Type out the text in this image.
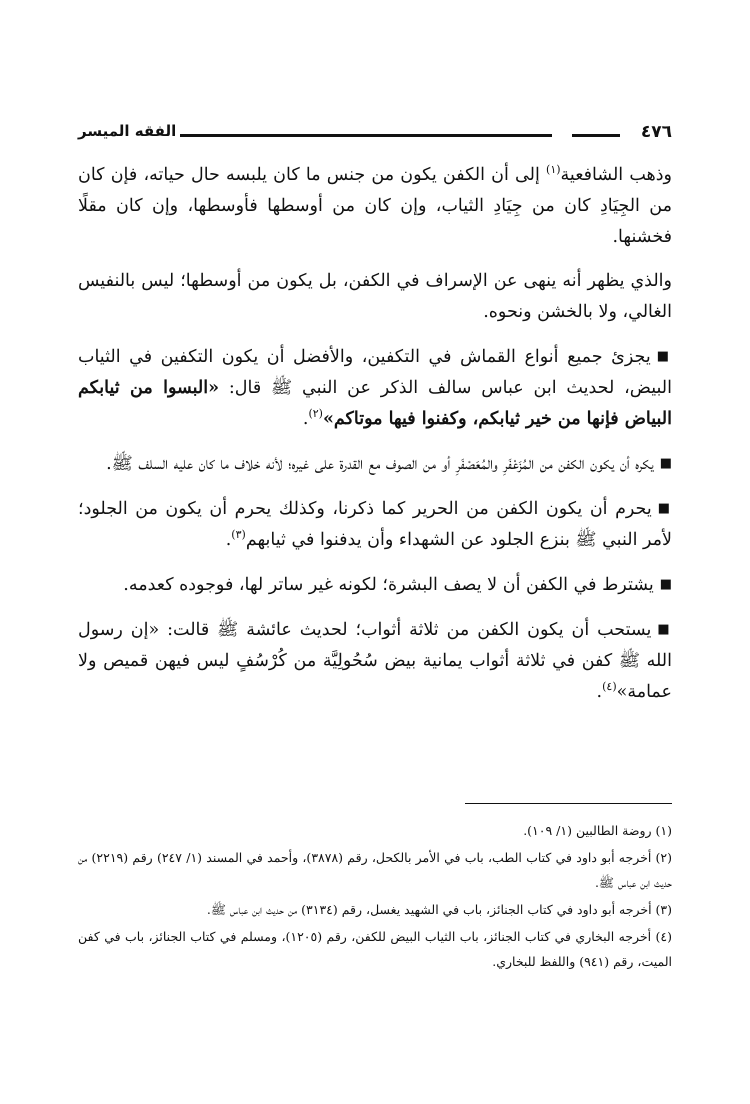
٤٧٦
الفقه الميسر

وذهب الشافعية$^{(١)}$ إلى أن الكفن يكون من جنس ما كان يلبسه حال حياته، فإن كان من الجِيَادِ كان من جِيَادِ الثياب، وإن كان من أوسطها فأوسطها، وإن كان مقلًا فخشنها.

والذي يظهر أنه ينهى عن الإسراف في الكفن، بل يكون من أوسطها؛ ليس بالنفيس الغالي، ولا بالخشن ونحوه.

■يجزئ جميع أنواع القماش في التكفين، والأفضل أن يكون التكفين في الثياب البيض، لحديث ابن عباس سالف الذكر عن النبي ﷺ قال: «البسوا من ثيابكم البياض فإنها من خير ثيابكم، وكفنوا فيها موتاكم»$^{(٢)}$.

■يكره أن يكون الكفن من المُزَعْفَرِ والمُعَصْفَرِ أو من الصوف مع القدرة على غيره؛ لأنه خلاف ما كان عليه السلف ﷺ.

■يحرم أن يكون الكفن من الحرير كما ذكرنا، وكذلك يحرم أن يكون من الجلود؛ لأمر النبي ﷺ بنزع الجلود عن الشهداء وأن يدفنوا في ثيابهم$^{(٣)}$.

■يشترط في الكفن أن لا يصف البشرة؛ لكونه غير ساتر لها، فوجوده كعدمه.

■يستحب أن يكون الكفن من ثلاثة أثواب؛ لحديث عائشة ﷺ قالت: «إن رسول الله ﷺ كفن في ثلاثة أثواب يمانية بيض سُحُولِيَّة من كُرْسُفٍ ليس فيهن قميص ولا عمامة»$^{(٤)}$.

(١) روضة الطالبين (١/ ١٠٩).

(٢) أخرجه أبو داود في كتاب الطب، باب في الأمر بالكحل، رقم (٣٨٧٨)، وأحمد في المسند (١/ ٢٤٧) رقم (٢٢١٩) من حديث ابن عباس ﷺ.

(٣) أخرجه أبو داود في كتاب الجنائز، باب في الشهيد يغسل، رقم (٣١٣٤) من حديث ابن عباس ﷺ.

(٤) أخرجه البخاري في كتاب الجنائز، باب الثياب البيض للكفن، رقم (١٢٠٥)، ومسلم في كتاب الجنائز، باب في كفن الميت، رقم (٩٤١) واللفظ للبخاري.
